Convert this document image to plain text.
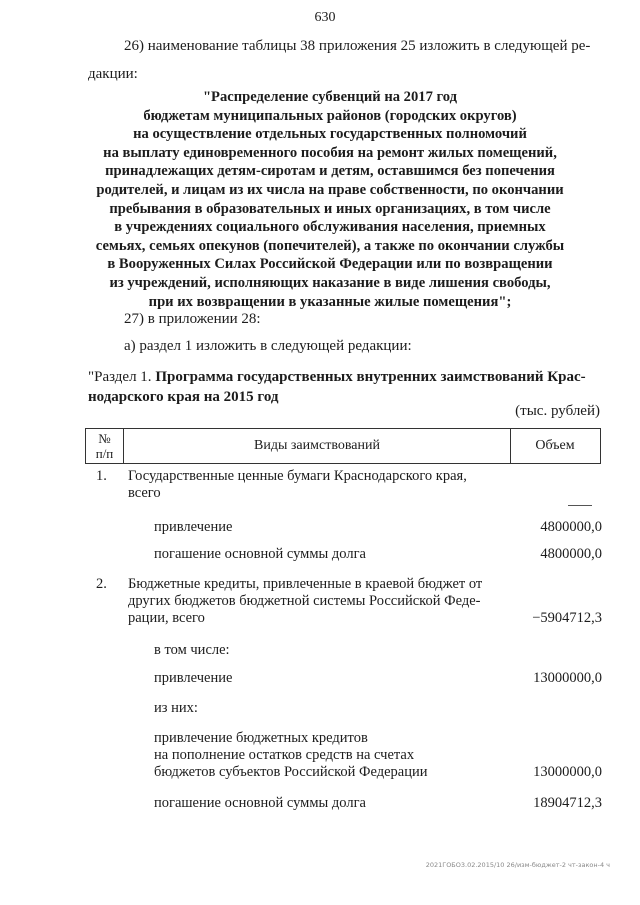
630
26) наименование таблицы 38 приложения 25 изложить в следующей ре-
дакции:
"Распределение субвенций на 2017 год
бюджетам муниципальных районов (городских округов)
на осуществление отдельных государственных полномочий
на выплату единовременного пособия на ремонт жилых помещений,
принадлежащих детям-сиротам и детям, оставшимся без попечения
родителей, и лицам из их числа на праве собственности, по окончании
пребывания в образовательных и иных организациях, в том числе
в учреждениях социального обслуживания населения, приемных
семьях, семьях опекунов (попечителей), а также по окончании службы
в Вооруженных Силах Российской Федерации или по возвращении
из учреждений, исполняющих наказание в виде лишения свободы,
при их возвращении в указанные жилые помещения";
27) в приложении 28:
а) раздел 1 изложить в следующей редакции:
"Раздел 1. Программа государственных внутренних заимствований Крас-
нодарского края на 2015 год
(тыс. рублей)
№
п/п
Виды заимствований	Объем
1. Государственные ценные бумаги Краснодарского края,
всего
привлечение	4800000,0
погашение основной суммы долга	4800000,0
2. Бюджетные кредиты, привлеченные в краевой бюджет от
других бюджетов бюджетной системы Российской Феде-
рации, всего	−5904712,3
в том числе:
привлечение	13000000,0
из них:
привлечение бюджетных кредитов
на пополнение остатков средств на счетах
бюджетов субъектов Российской Федерации	13000000,0
погашение основной суммы долга	18904712,3
2021ГОБО3.02.2015/10 26/изм-бюджет-2 чт-закон-4 ч
